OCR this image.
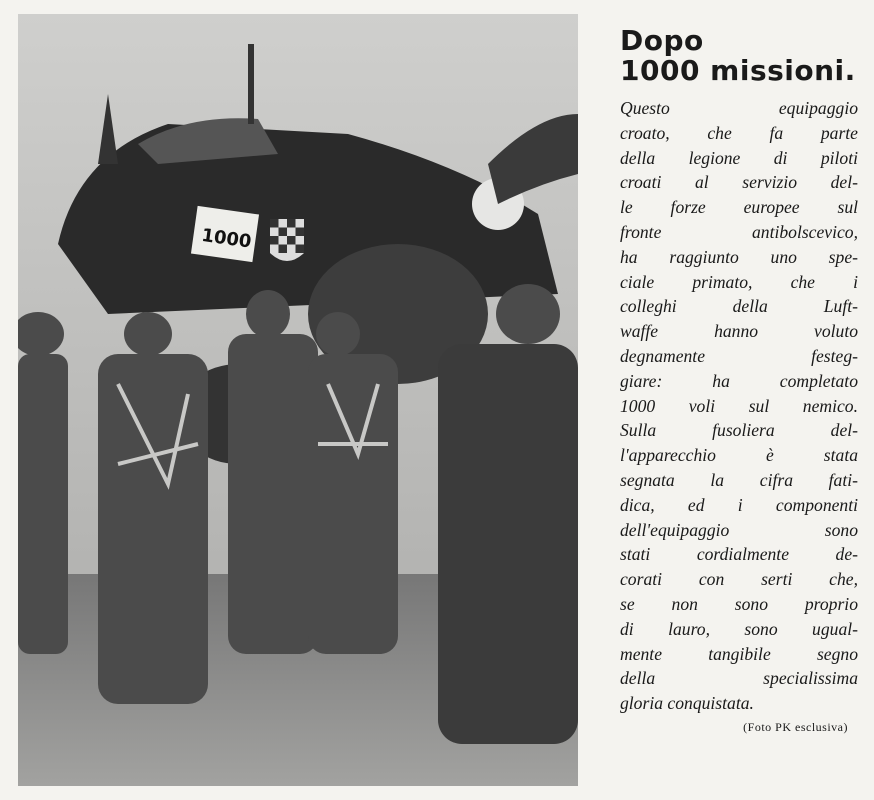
1000
Dopo
1000 missioni.
Questo equipaggio
croato, che fa parte
della legione di piloti
croati al servizio del-
le forze europee sul
fronte antibolscevico,
ha raggiunto uno spe-
ciale primato, che i
colleghi della Luft-
waffe hanno voluto
degnamente festeg-
giare: ha completato
1000 voli sul nemico.
Sulla fusoliera del-
l'apparecchio è stata
segnata la cifra fati-
dica, ed i componenti
dell'equipaggio sono
stati cordialmente de-
corati con serti che,
se non sono proprio
di lauro, sono ugual-
mente tangibile segno
della specialissima
gloria conquistata.
(Foto PK esclusiva)
